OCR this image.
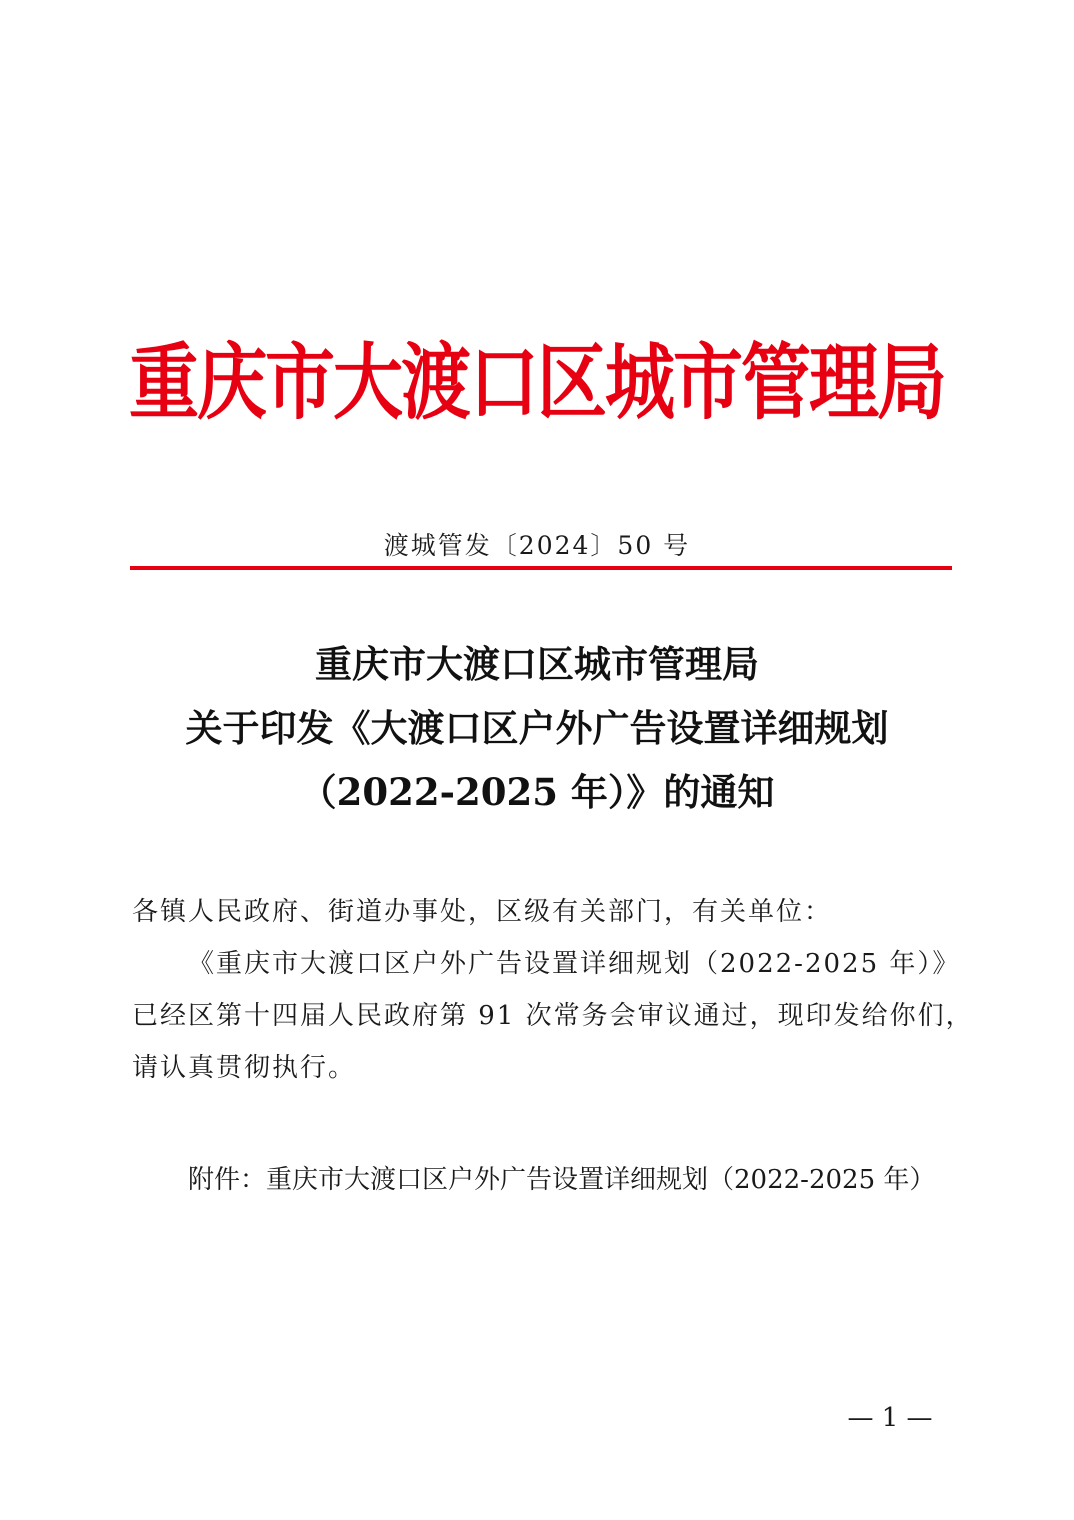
重庆市大渡口区城市管理局
渡城管发〔2024〕50 号
重庆市大渡口区城市管理局
关于印发《大渡口区户外广告设置详细规划
（2022-2025 年）》的通知
各镇人民政府、街道办事处，区级有关部门，有关单位：
《重庆市大渡口区户外广告设置详细规划（2022-2025 年）》
已经区第十四届人民政府第 91 次常务会审议通过，现印发给你们，
请认真贯彻执行。
附件：重庆市大渡口区户外广告设置详细规划（2022-2025 年）
— 1 —
